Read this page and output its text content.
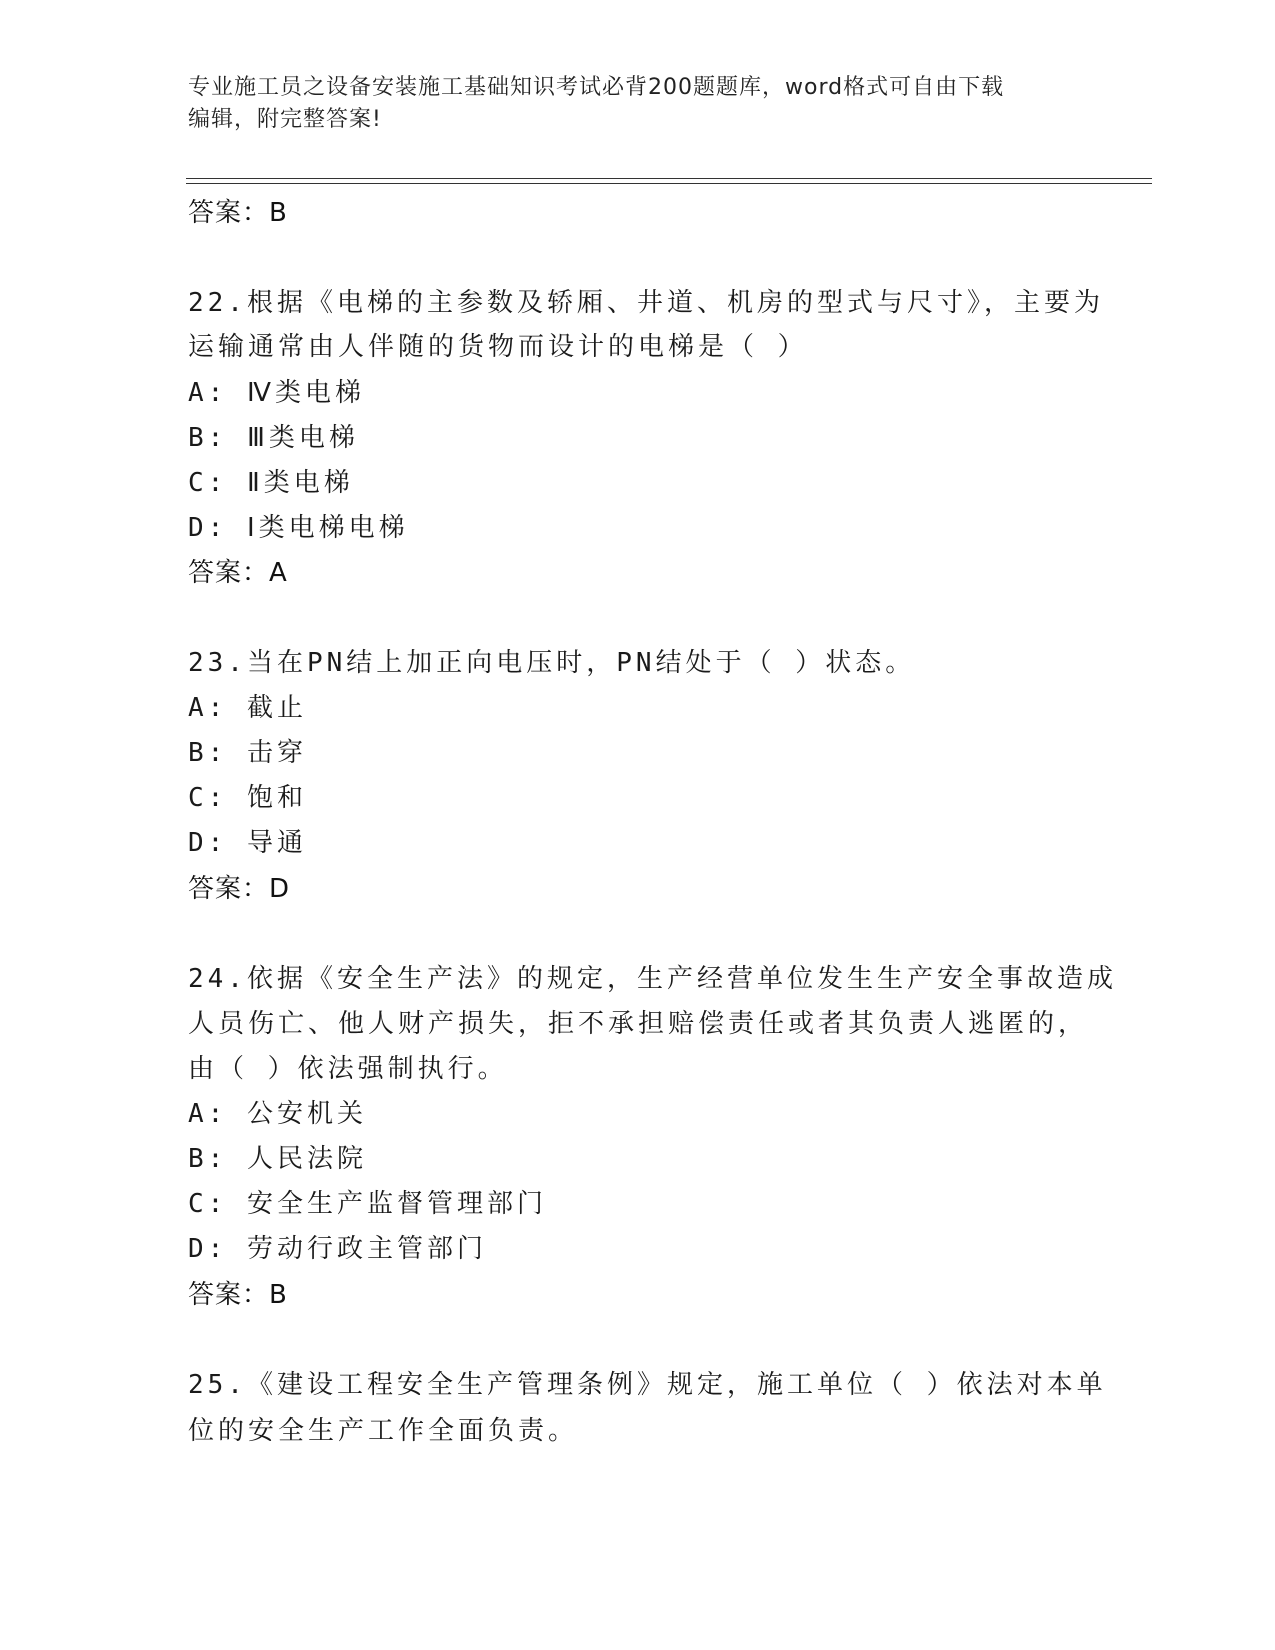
专业施工员之设备安装施工基础知识考试必背200题题库，word格式可自由下载
编辑，附完整答案!
答案：B
22.根据《电梯的主参数及轿厢、井道、机房的型式与尺寸》，主要为
运输通常由人伴随的货物而设计的电梯是（ ）
A: Ⅳ类电梯
B: Ⅲ类电梯
C: Ⅱ类电梯
D: Ⅰ类电梯电梯
答案：A
23.当在PN结上加正向电压时，PN结处于（ ）状态。
A: 截止
B: 击穿
C: 饱和
D: 导通
答案：D
24.依据《安全生产法》的规定，生产经营单位发生生产安全事故造成
人员伤亡、他人财产损失，拒不承担赔偿责任或者其负责人逃匿的，
由（ ）依法强制执行。
A: 公安机关
B: 人民法院
C: 安全生产监督管理部门
D: 劳动行政主管部门
答案：B
25.《建设工程安全生产管理条例》规定，施工单位（ ）依法对本单
位的安全生产工作全面负责。
